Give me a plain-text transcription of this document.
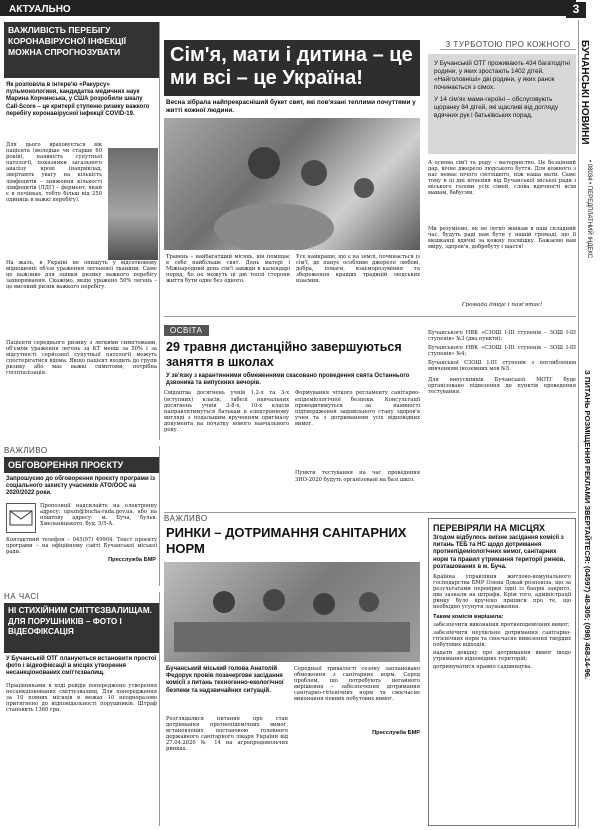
АКТУАЛЬНО	3
БУЧАНСЬКІ НОВИНИ
• 08034 • ПЕРЕДПЛАТНИЙ ІНДЕКС
З ПИТАНЬ РОЗМІЩЕННЯ РЕКЛАМИ ЗВЕРТАЙТЕСЯ: (04597) 48-305; (098) 468-14-96.
ВАЖЛИВІСТЬ ПЕРЕБІГУ КОРОНАВІРУСНОЇ ІНФЕКЦІЇ МОЖНА СПРОГНОЗУВАТИ
Як розповіла в інтерв'ю «Ракурсу» пульмонологиня, кандидатка медичних наук Марина Корчинська, у США розробили шкалу CaII-Score – це критерії ступеню ризику важкого перебігу коронавірусної інфекції COVID-19.
Для цього враховується вік пацієнта (молодше чи старше 60 років), наявність супутньої патології, показники загального аналізу крові (наприклад, звертають увагу на кількість лімфоцитів – зниження кількості лімфоцитів (ЛДГ) – фермент, який є в печінках, тобто більш від 250 одиниць в важкі перебігу).
На жаль, в Україні не опишуть у відсотковому відношенні об'єм ураження легеневої тканини. Саме це важливо для оцінки ризику важкого перебігу захворювання. Скажімо, якщо уражено 50% легень – це високий ризик важкого перебігу.
Пацієнти середнього ризику з легкими симптомами, об'ємом ураження легень за КТ менш за 50% і за відсутності серйозної супутньої патології можуть спостерігатися вдома. Якщо пацієнт входить до групи ризику або має важкі симптоми, потрібна госпіталізація.
ВАЖЛИВО
ОБГОВОРЕННЯ ПРОЄКТУ
Запрошуємо до обговорення проєкту програми із соціального захисту учасників АТО/ООС на 2020/2022 роки.
Пропозиції надсилайте на електронну адресу: upszn@bucha-rada.gov.ua, або на поштову адресу: м. Буча, бульв. Хмельницького, буд. 5/5-А.
Контактний телефон – 045(97) 49904. Текст проєкту програми – на офіційному сайті Бучанської міської ради.
Пресслужба БМР
НА ЧАСІ
НІ СТИХІЙНИМ СМІТТЄЗВАЛИЩАМ. ДЛЯ ПОРУШНИКІВ – ФОТО І ВІДЕОФІКСАЦІЯ
У Бучанській ОТГ плануються встановити простої фото і відеофіксації в місцях утворення несанкціонованих сміттєзвалищ.
Працівниками в ході рейдів попереджено утворення несанкціонованих сміттєзвалищ. Для попередження за 10 повних місяців в межах 10 неодноразово притягнено до відповідальності порушників. Штраф становить 1360 грн.
Сім'я, мати і дитина – це ми всі – це Україна!
Весна зібрала найпрекрасніший букет свят, які пов'язані теплими почуттями у житті кожної людини.
Травень – найбагатший місяць, він поміщає в себе найбільше свят. День матері і Міжнародний день сім'ї завжди в календарі поряд, бо не можуть ці дві теплі сторони життя бути одне без одного.
Усе найкраще, що є на землі, починається із сім'ї, де панує особливе джерело любові, добра, поваги, взаєморозуміння та збереження кращих традицій людських взаємин.
З ТУРБОТОЮ ПРО КОЖНОГО
У Бучанській ОТГ проживають 434 багатодітні родини, у яких зростають 1402 дітей. «Найголовніші» дві родини, у яких ранок починається з сімох.
У 14 сім'ях мами-героїні – обслуговують щоранку 84 дітей, які щасливі від догляду вдячних рук і батьківських порад.
А основа сім'ї та роду – материнство. Це безцінний дар, вічне джерело людського буття. Для кожного з нас немає нічого світлішого, ніж наша мати. Саме тому в ці дні вітаєння від Бучанської міської ради і міського голови усіх сімей, слова вдячності всім мамам, бабусям.
Ми розуміємо, як не легко жінкам в наш складний час, будуть раді вам бути у нашій громаді, що її мешканці вдячні за кожну посмішку. Бажаємо вам миру, здоров'я, добробуту і щастя!
Громада дякує і пам'ятає!
ОСВІТА
29 травня дистанційно завершуються заняття в школах
У зв'язку з карантинними обмеженнями скасовано проведення свята Останнього дзвоника та випускних вечорів.
Свідоцтва досягнень учнів 1,2-х та 3-х (вступних) класів, табелі навчальних досягнень учнів 3-8-х, 10-х класів направлятимуться батькам в електронному вигляді з подальшим врученням оригіналу документа на початку нового навчального року.
Формування чіткого регламенту санітарно-епідеміологічної безпеки. Консультації проводитимуться за наявності підтвердження задовільного стану здоров'я учня та з дотриманням усіх відповідних вимог.
Пункти тестування на час проведення ЗНО-2020 будуть організовані на базі шкіл.
Бучанського НВК «СЗОШ І-ІІІ ступенів – ЗОШ І-ІІІ ступенів» №3 (два пункти);
Бучанського НВК «СЗОШ І-ІІІ ступенів – ЗОШ І-ІІІ ступенів» №4;
Бучанської СЗОШ І-ІІІ ступенів з поглибленим вивченням іноземних мов №5.
Для випускників Бучанської МОТГ буде організовано підвезення до пунктів проведення тестування.
ВАЖЛИВО
РИНКИ – ДОТРИМАННЯ САНІТАРНИХ НОРМ
Бучанський міський голова Анатолій Федорук провів позачергове засідання комісії з питань техногенно-екологічної безпеки та надзвичайних ситуацій.
Розглядалися питання про стан дотримання протиепідемічних вимог, встановлених постановою головного державного санітарного лікаря України від 27.04.2020 № 14 на агропродовольчих ринках.
Середньої тривалості сезону заплановано обмеження з санітарних норм. Серед проблем, що потребують негайного вирішення – забезпечення дотримання санітарно-гігієнічних норм та своєчасне виконання певних побутових вимог.
Пресслужба БМР
ПЕРЕВІРЯЛИ НА МІСЦЯХ
Згодом відбулось виїзне засідання комісії з питань ТЕБ та НС щодо дотримання протиепідеміологічних вимог, санітарних норм та правил утримання території ринків, розташованих в м. Буча.
Країнна управління житлово-комунального господарства БМР Олена Докай розповіла, що за результатами перевірки одні із баорів закрито, два зазнали на штрафи. Крім того, адміністрації ринку було вручено приписи про те, що необхідно усунути зауваження.
Таким комісія вирішила:
забезпечити виконання протиепідемічних вимог;
забезпечити неухильне дотримання санітарно-гігієнічних норм та своєчасне вивезення твердих побутових відходів;
надати довідку про дотримання вимог щодо утримання відповідних територій;
дотримуватися правил садівництва.
